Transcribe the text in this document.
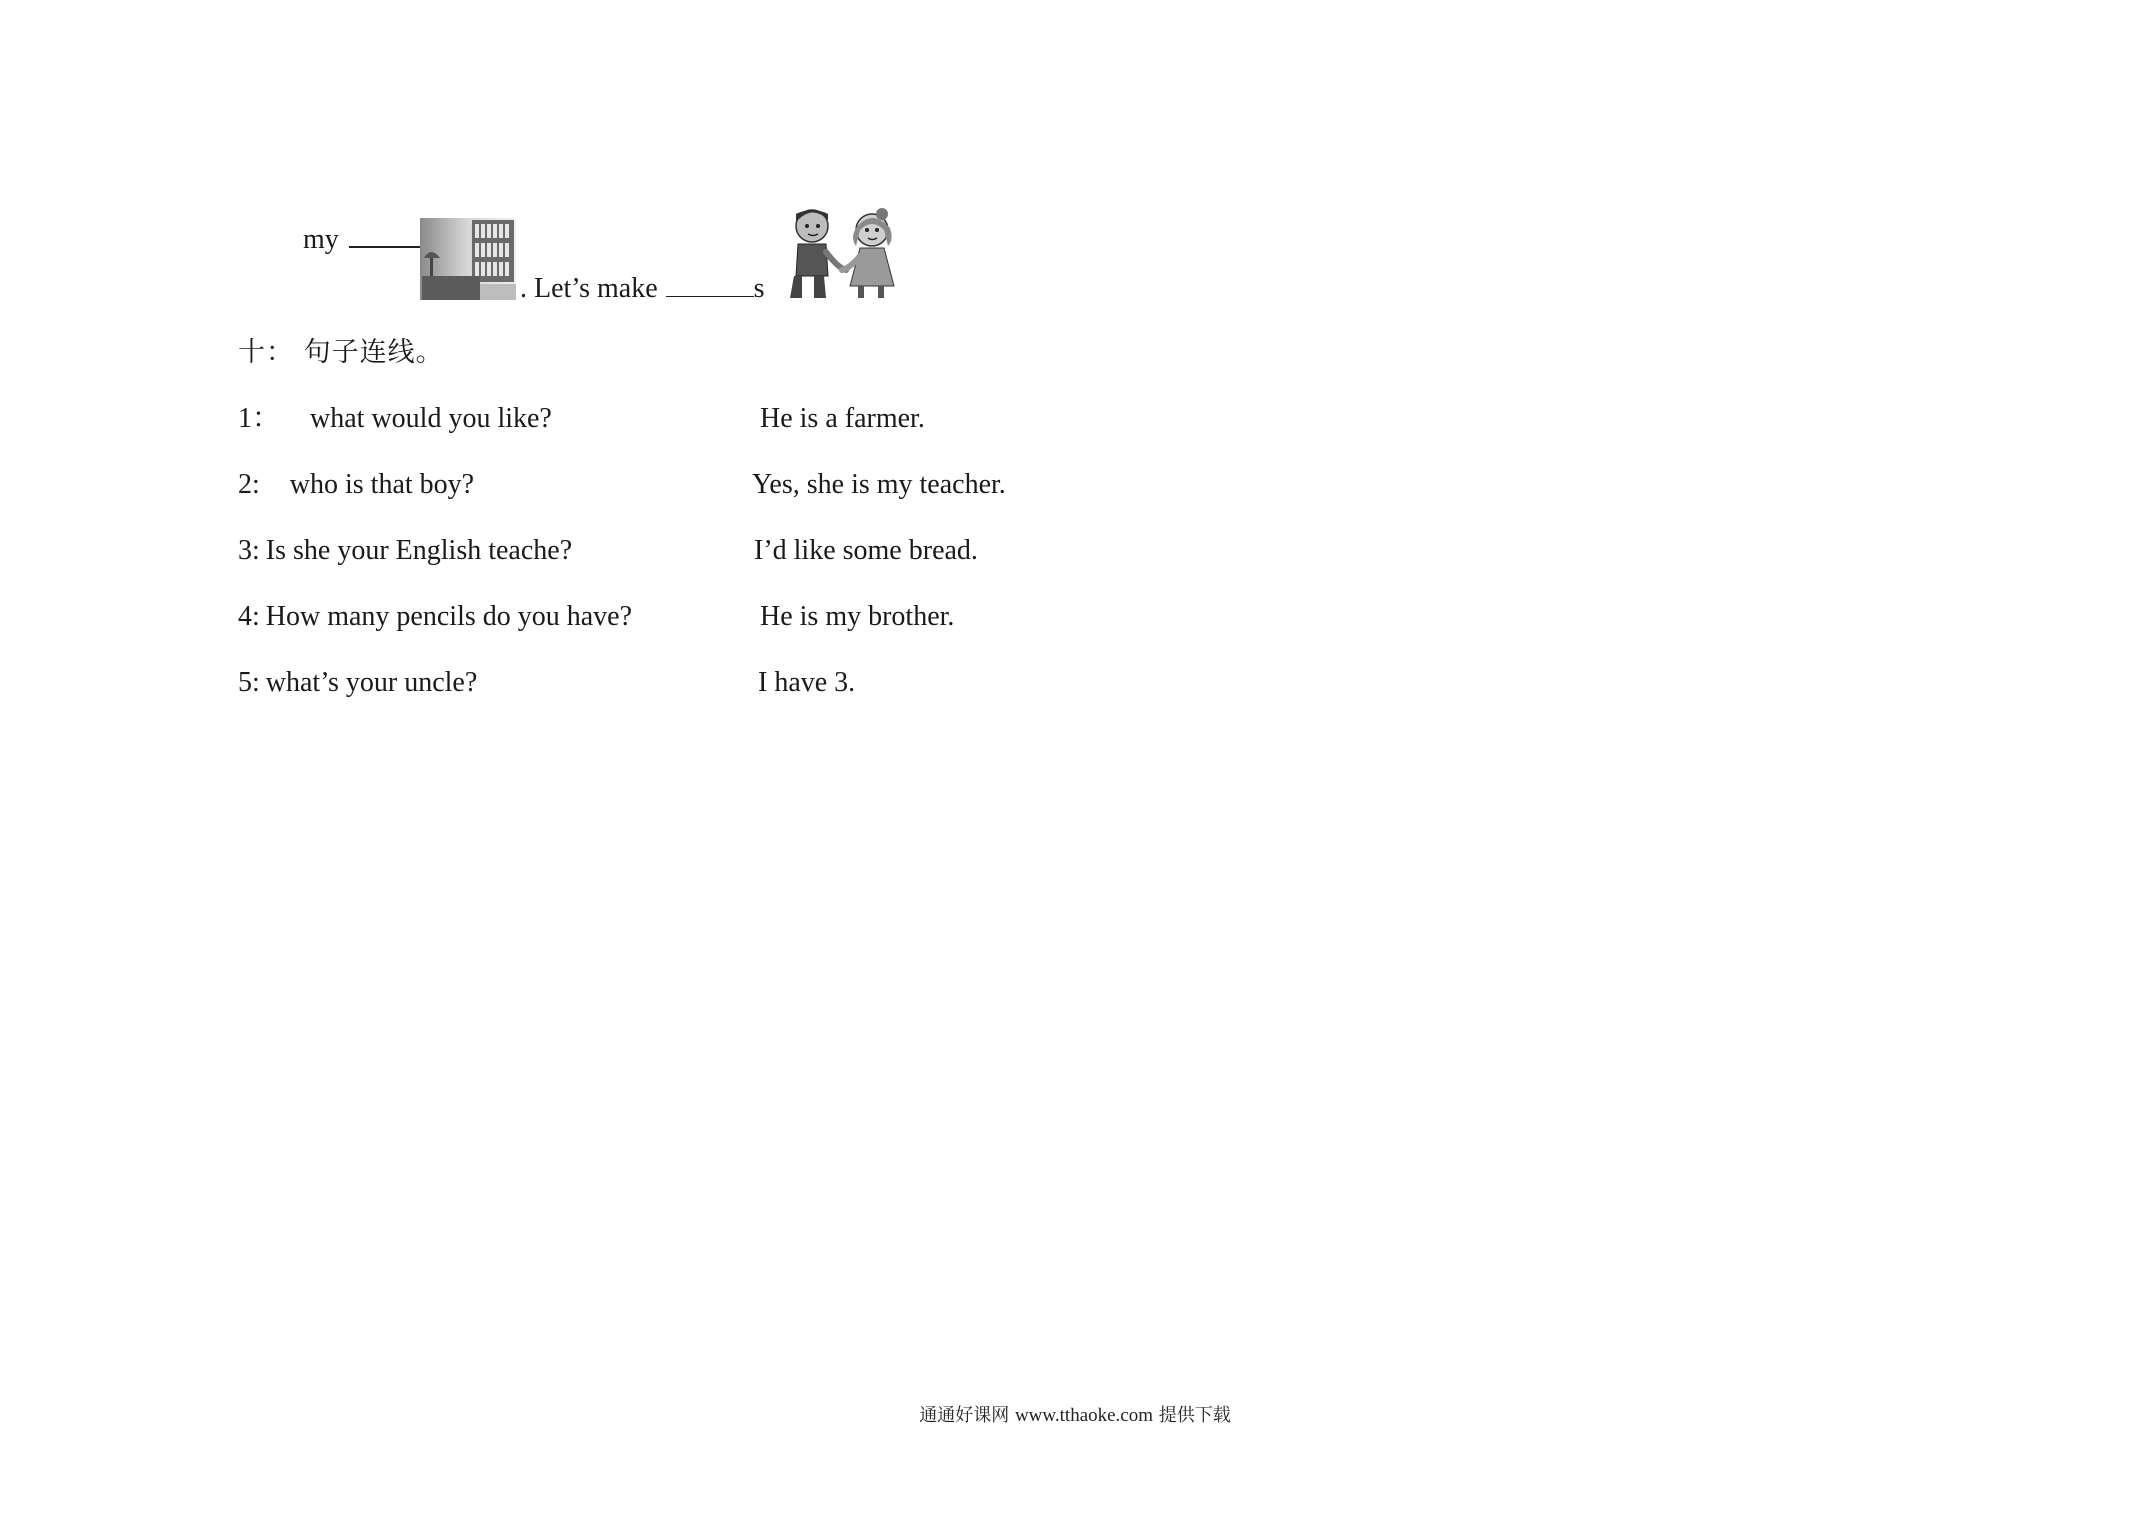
my
. Let’s make	s
十： 句子连线。
1： what would you like?
2: who is that boy?
3: Is she your English teache?
4: How many pencils do you have?
5: what’s your uncle?
He is a farmer.
Yes, she is my teacher.
I’d like some bread.
He is my brother.
I have 3.
通通好课网 www.tthaoke.com 提供下载
